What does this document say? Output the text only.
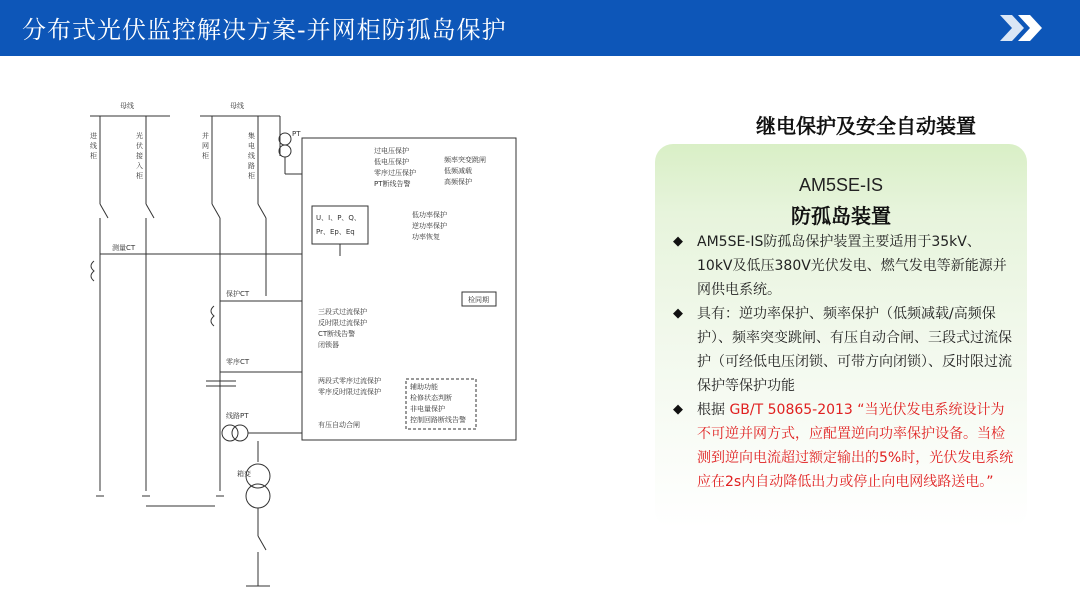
分布式光伏监控解决方案-并网柜防孤岛保护
母线	母线
PT
测量CT
保护CT
零序CT
线路PT
箱变
U、I、P、Q、
Pr、Ep、Eq
过电压保护
低电压保护
零序过压保护
PT断线告警
频率突变跳闸
低频减载
高频保护
低功率保护
逆功率保护
功率恢复
检同期
三段式过流保护
反时限过流保护
CT断线告警
闭锁器
两段式零序过流保护
零序反时限过流保护
辅助功能
检修状态判断
非电量保护
控制回路断线告警
有压自动合闸
进线柜
光伏接入柜
并网柜
集电线路柜
继电保护及安全自动装置
AM5SE-IS
防孤岛装置
◆ AM5SE-IS防孤岛保护装置主要适用于35kV、10kV及低压380V光伏发电、燃气发电等新能源并网供电系统。
◆ 具有：逆功率保护、频率保护（低频减载/高频保护）、频率突变跳闸、有压自动合闸、三段式过流保护（可经低电压闭锁、可带方向闭锁）、反时限过流保护等保护功能
◆ 根据 GB/T 50865-2013 “当光伏发电系统设计为不可逆并网方式，应配置逆向功率保护设备。当检测到逆向电流超过额定输出的5%时，光伏发电系统应在2s内自动降低出力或停止向电网线路送电。”
